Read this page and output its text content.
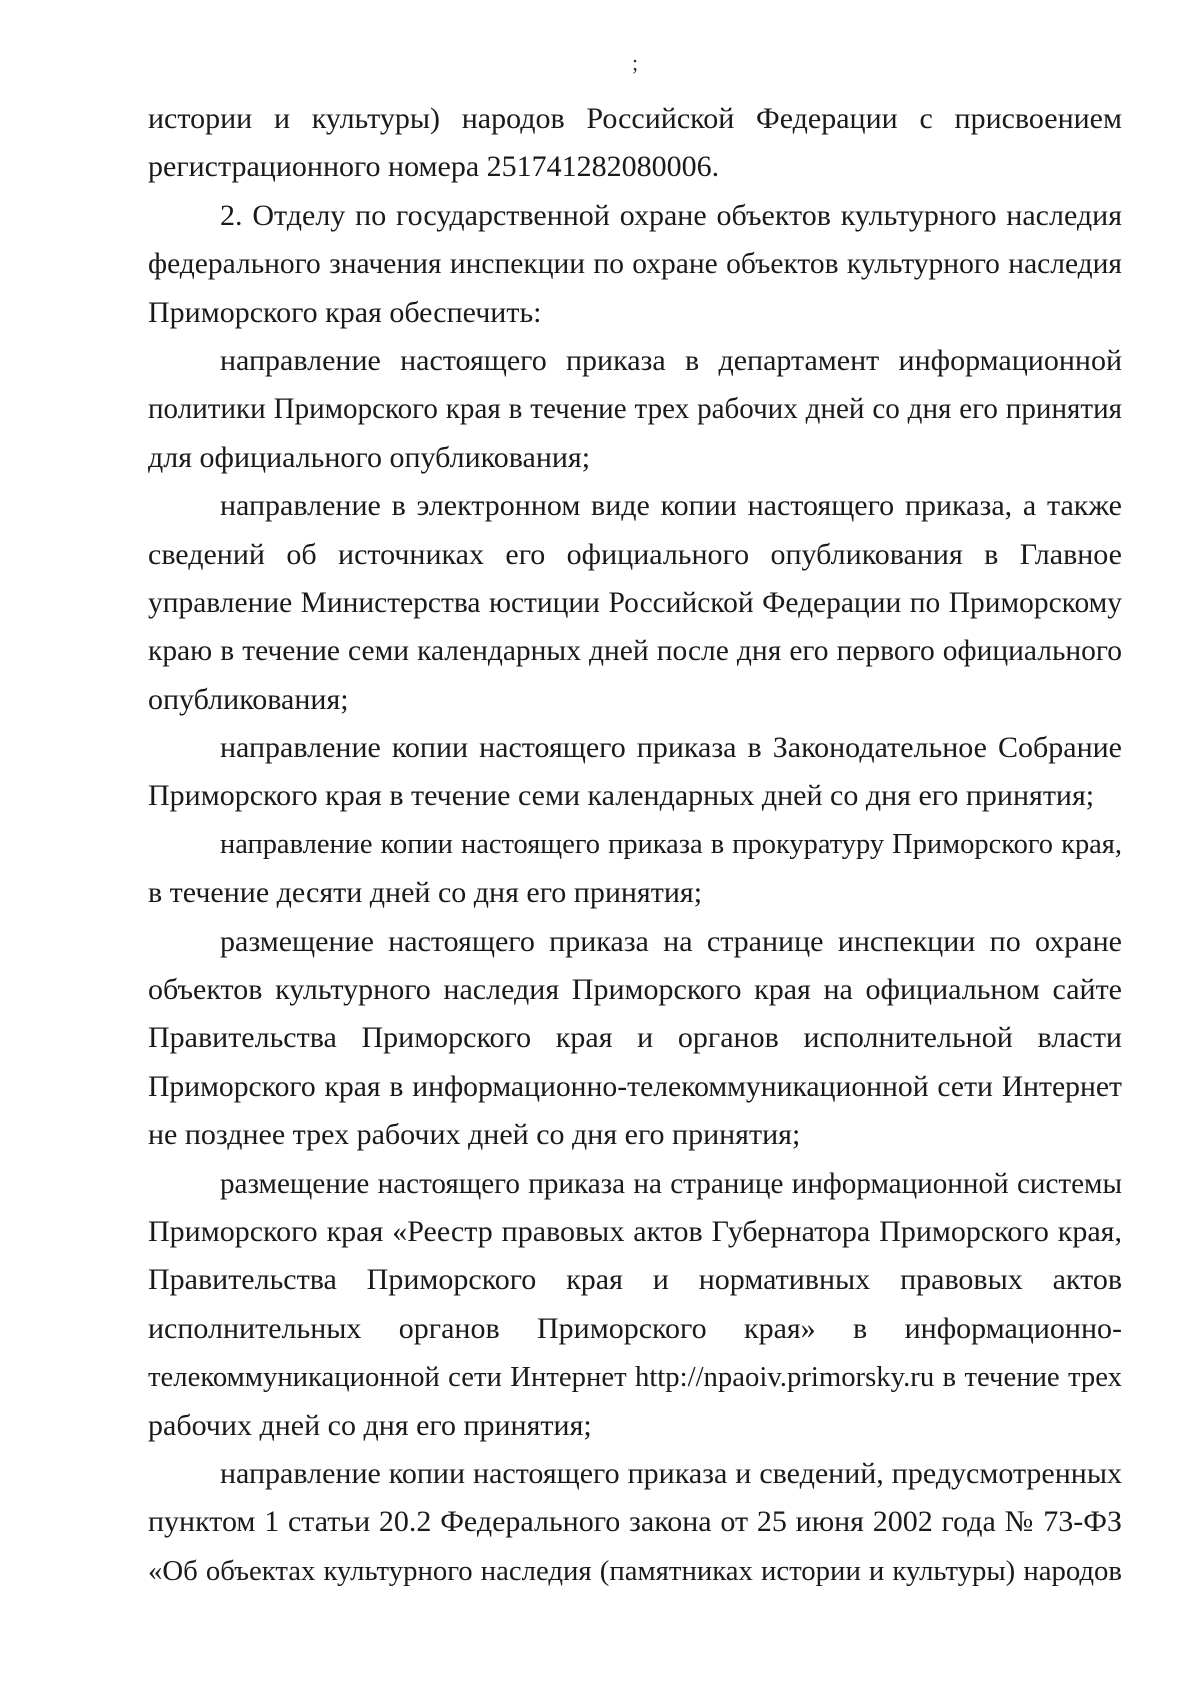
;
истории и культуры) народов Российской Федерации с присвоением
регистрационного номера 251741282080006.
2. Отделу по государственной охране объектов культурного наследия
федерального значения инспекции по охране объектов культурного наследия
Приморского края обеспечить:
направление настоящего приказа в департамент информационной
политики Приморского края в течение трех рабочих дней со дня его принятия
для официального опубликования;
направление в электронном виде копии настоящего приказа, а также
сведений об источниках его официального опубликования в Главное
управление Министерства юстиции Российской Федерации по Приморскому
краю в течение семи календарных дней после дня его первого официального
опубликования;
направление копии настоящего приказа в Законодательное Собрание
Приморского края в течение семи календарных дней со дня его принятия;
направление копии настоящего приказа в прокуратуру Приморского края,
в течение десяти дней со дня его принятия;
размещение настоящего приказа на странице инспекции по охране
объектов культурного наследия Приморского края на официальном сайте
Правительства Приморского края и органов исполнительной власти
Приморского края в информационно-телекоммуникационной сети Интернет
не позднее трех рабочих дней со дня его принятия;
размещение настоящего приказа на странице информационной системы
Приморского края «Реестр правовых актов Губернатора Приморского края,
Правительства Приморского края и нормативных правовых актов
исполнительных органов Приморского края» в информационно-
телекоммуникационной сети Интернет http://npaoiv.primorsky.ru в течение трех
рабочих дней со дня его принятия;
направление копии настоящего приказа и сведений, предусмотренных
пунктом 1 статьи 20.2 Федерального закона от 25 июня 2002 года № 73-ФЗ
«Об объектах культурного наследия (памятниках истории и культуры) народов
